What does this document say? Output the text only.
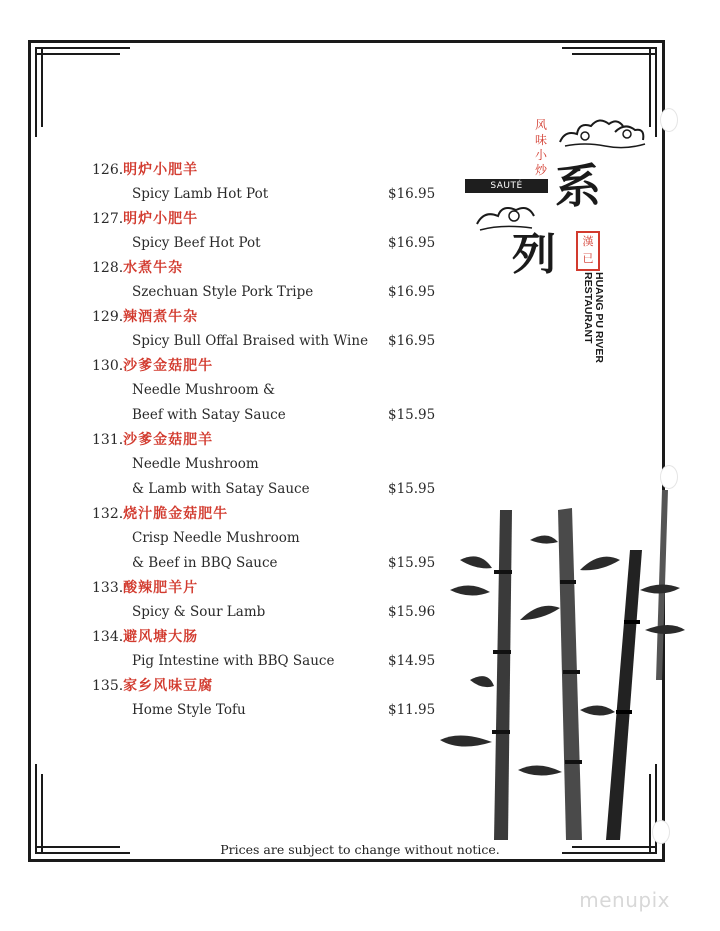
风味小炒
SAUTÉ 系
列	漢已
HUANG PU RIVER
RESTAURANT
126.明炉小肥羊
Spicy Lamb Hot Pot	$16.95
127.明炉小肥牛
Spicy Beef Hot Pot	$16.95
128.水煮牛杂
Szechuan Style Pork Tripe	$16.95
129.辣酒煮牛杂
Spicy Bull Offal Braised with Wine $16.95
130.沙爹金菇肥牛
Needle Mushroom &
Beef with Satay Sauce	$15.95
131.沙爹金菇肥羊
Needle Mushroom
& Lamb with Satay Sauce	$15.95
132.烧汁脆金菇肥牛
Crisp Needle Mushroom
& Beef in BBQ Sauce	$15.95
133.酸辣肥羊片
Spicy & Sour Lamb	$15.96
134.避风塘大肠
Pig Intestine with BBQ Sauce	$14.95
135.家乡风味豆腐
Home Style Tofu	$11.95
Prices are subject to change without notice.
menupix
